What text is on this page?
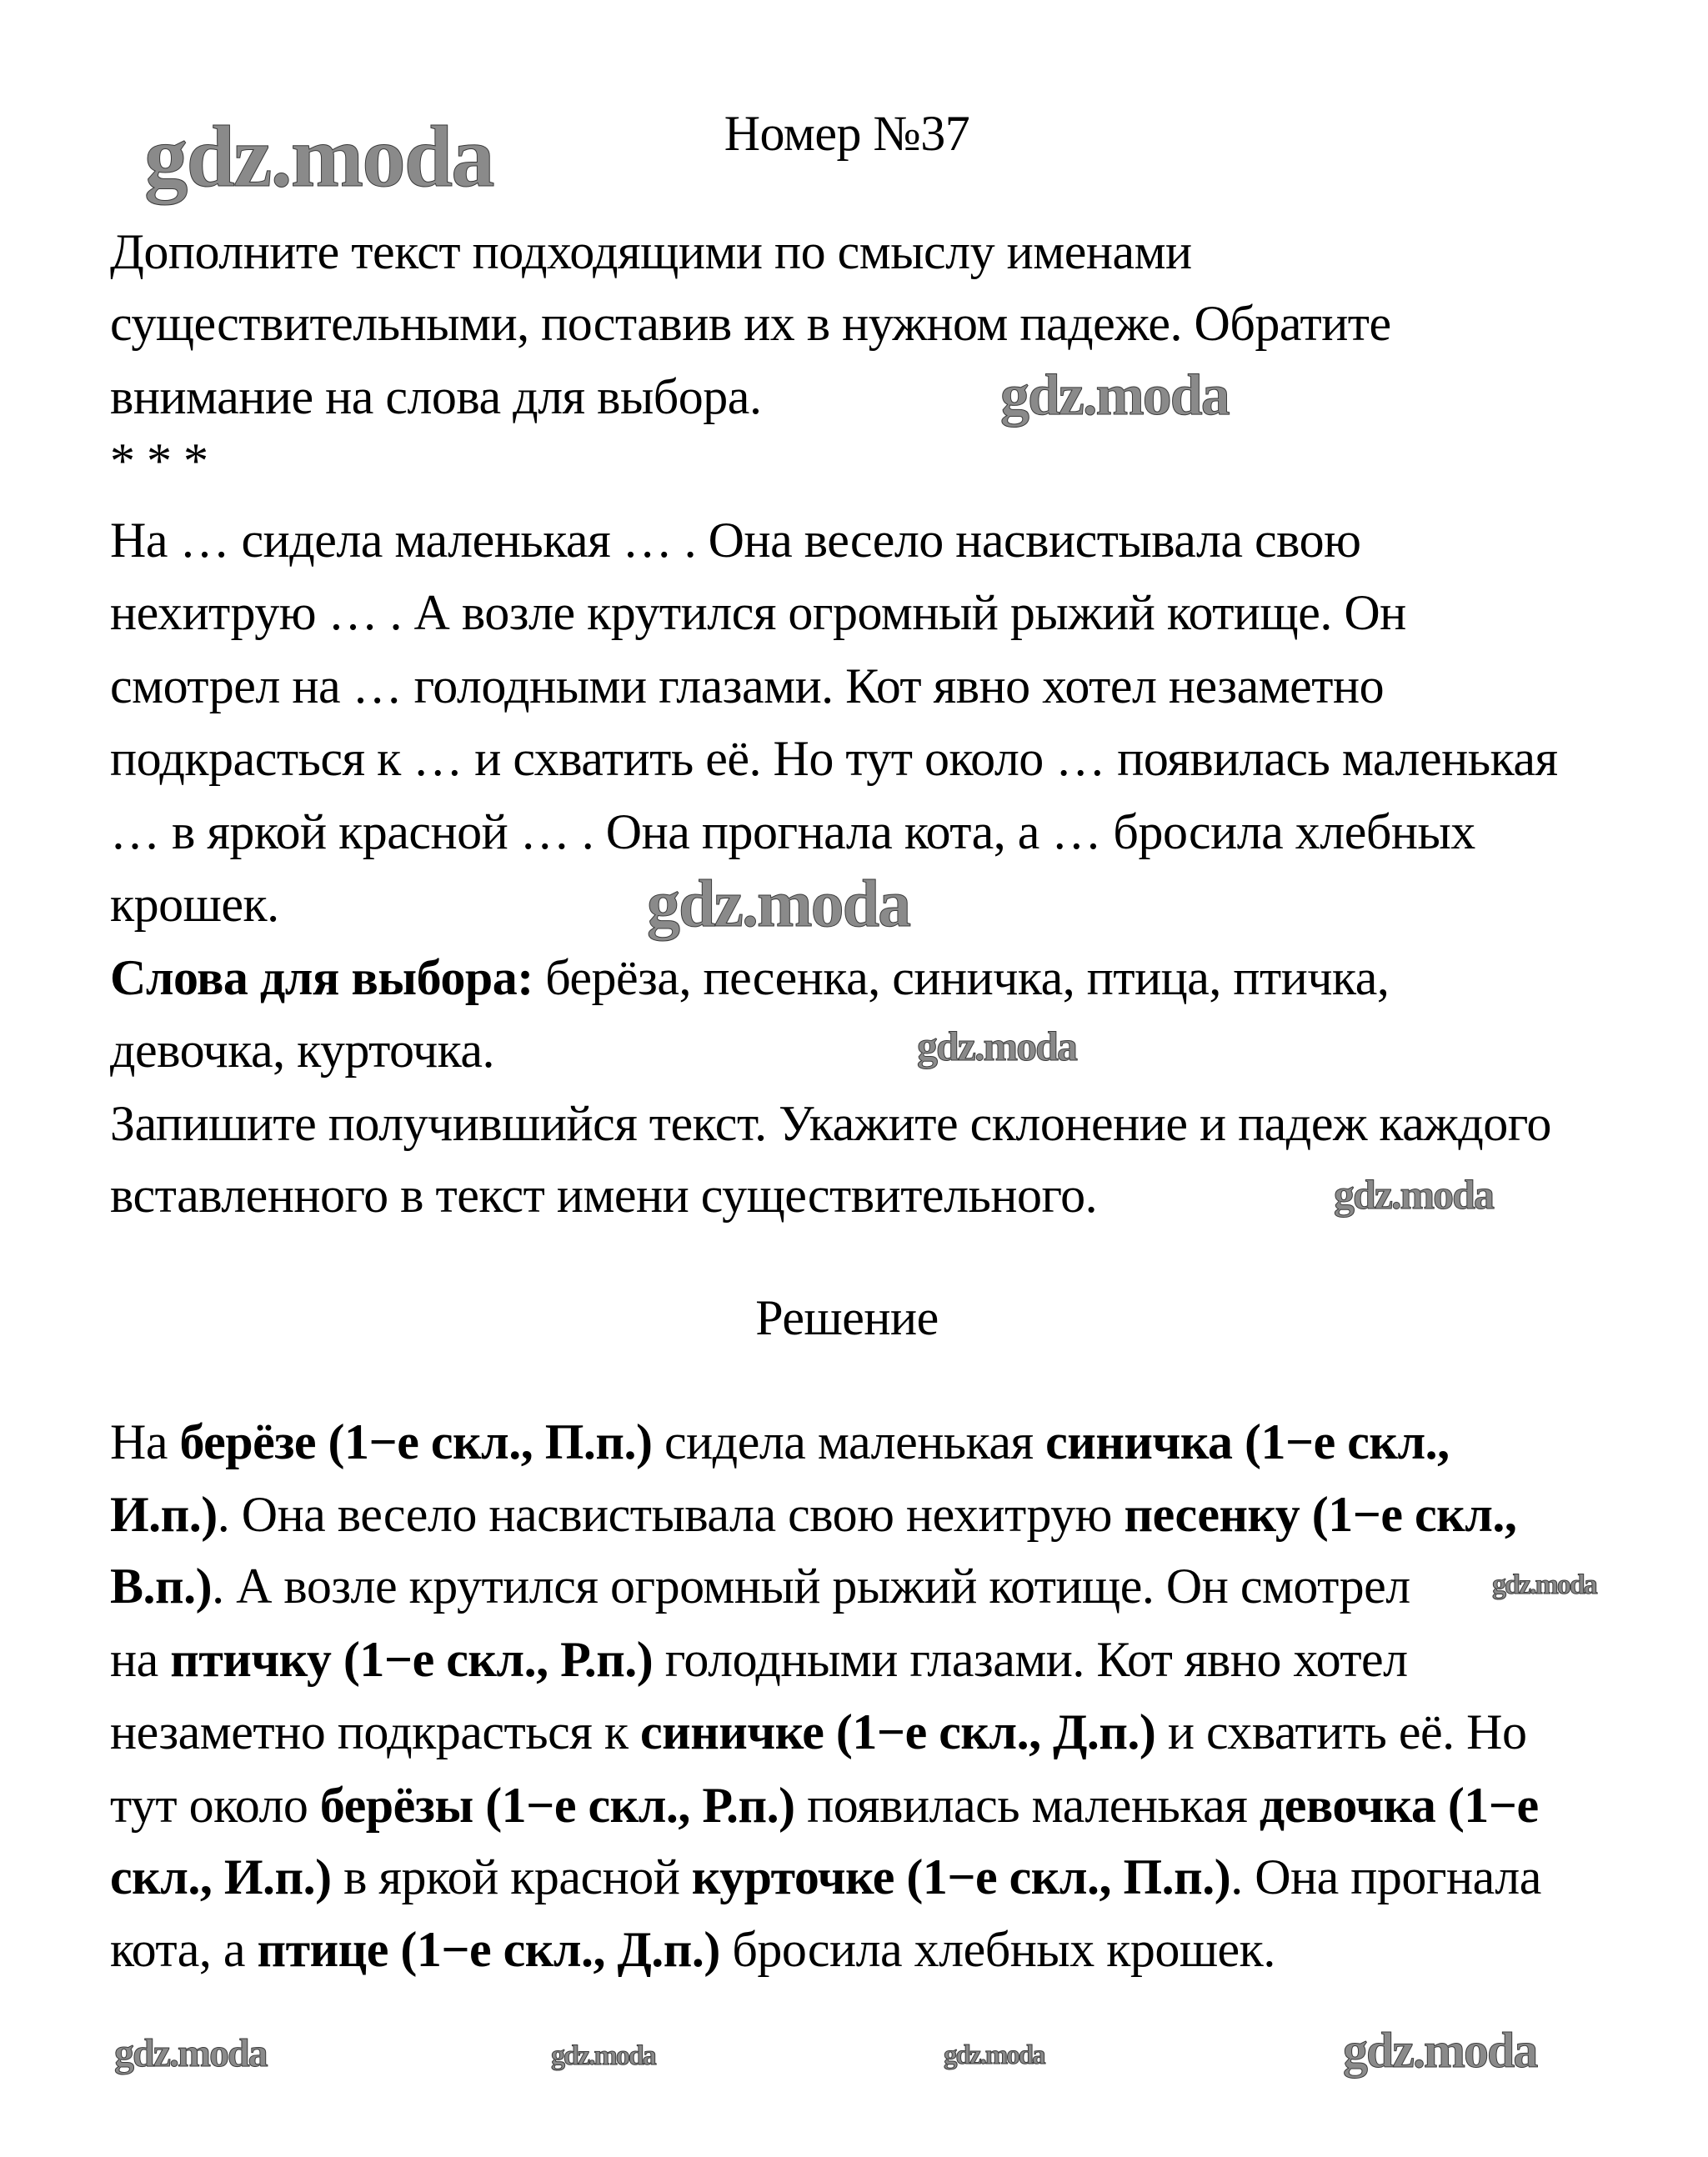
Номер №37
Дополните текст подходящими по смыслу именами
существительными, поставив их в нужном падеже. Обратите
внимание на слова для выбора.
* * *
На … сидела маленькая … . Она весело насвистывала свою
нехитрую … . А возле крутился огромный рыжий котище. Он
смотрел на … голодными глазами. Кот явно хотел незаметно
подкрасться к … и схватить её. Но тут около … появилась маленькая
… в яркой красной … . Она прогнала кота, а … бросила хлебных
крошек.
Слова для выбора: берёза, песенка, синичка, птица, птичка,
девочка, курточка.
Запишите получившийся текст. Укажите склонение и падеж каждого
вставленного в текст имени существительного.
Решение
На берёзе (1−е скл., П.п.) сидела маленькая синичка (1−е скл.,
И.п.). Она весело насвистывала свою нехитрую песенку (1−е скл.,
В.п.). А возле крутился огромный рыжий котище. Он смотрел
на птичку (1−е скл., Р.п.) голодными глазами. Кот явно хотел
незаметно подкрасться к синичке (1−е скл., Д.п.) и схватить её. Но
тут около берёзы (1−е скл., Р.п.) появилась маленькая девочка (1−е
скл., И.п.) в яркой красной курточке (1−е скл., П.п.). Она прогнала
кота, а птице (1−е скл., Д.п.) бросила хлебных крошек.
gdz.moda
gdz.moda
gdz.moda
gdz.moda
gdz.moda
gdz.moda
gdz.moda	gdz.moda	gdz.moda	gdz.moda
